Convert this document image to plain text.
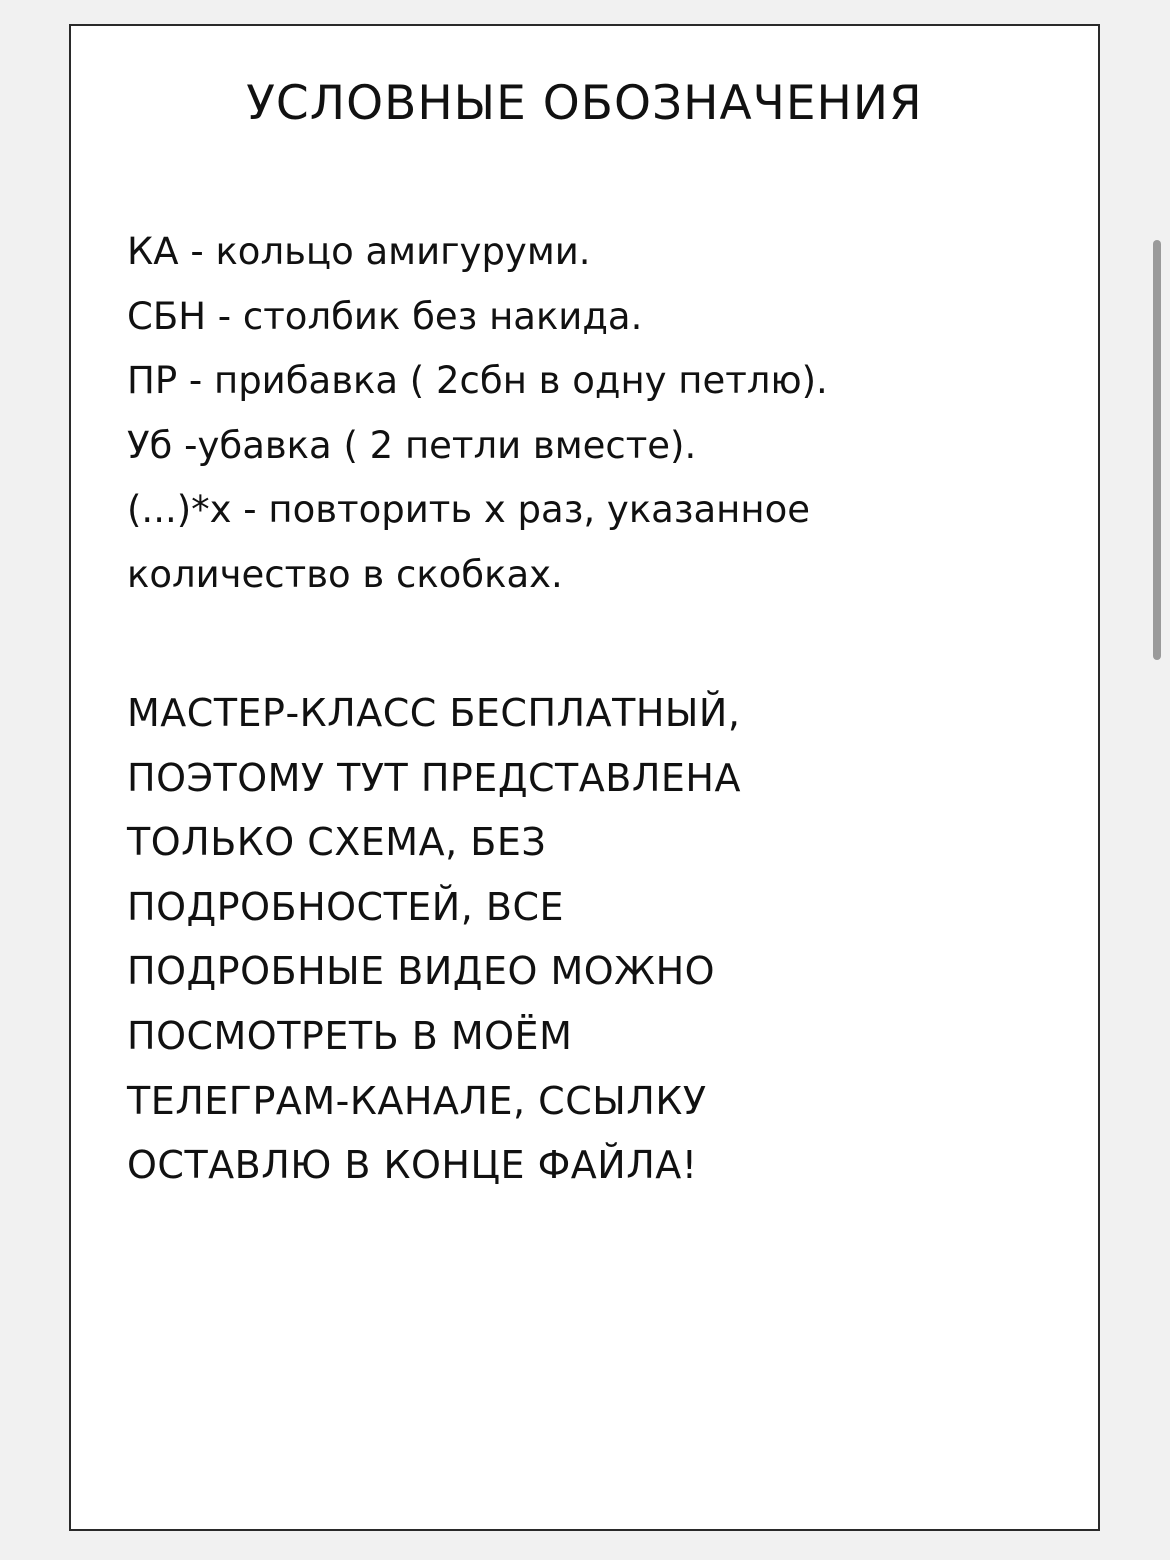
УСЛОВНЫЕ ОБОЗНАЧЕНИЯ
КА - кольцо амигуруми.
СБН - столбик без накида.
ПР - прибавка ( 2сбн в одну петлю).
Уб -убавка ( 2 петли вместе).
(...)*х - повторить х раз, указанное
количество в скобках.
МАСТЕР-КЛАСС БЕСПЛАТНЫЙ,
ПОЭТОМУ ТУТ ПРЕДСТАВЛЕНА
ТОЛЬКО СХЕМА, БЕЗ
ПОДРОБНОСТЕЙ, ВСЕ
ПОДРОБНЫЕ ВИДЕО МОЖНО
ПОСМОТРЕТЬ В МОЁМ
ТЕЛЕГРАМ-КАНАЛЕ, ССЫЛКУ
ОСТАВЛЮ В КОНЦЕ ФАЙЛА!
